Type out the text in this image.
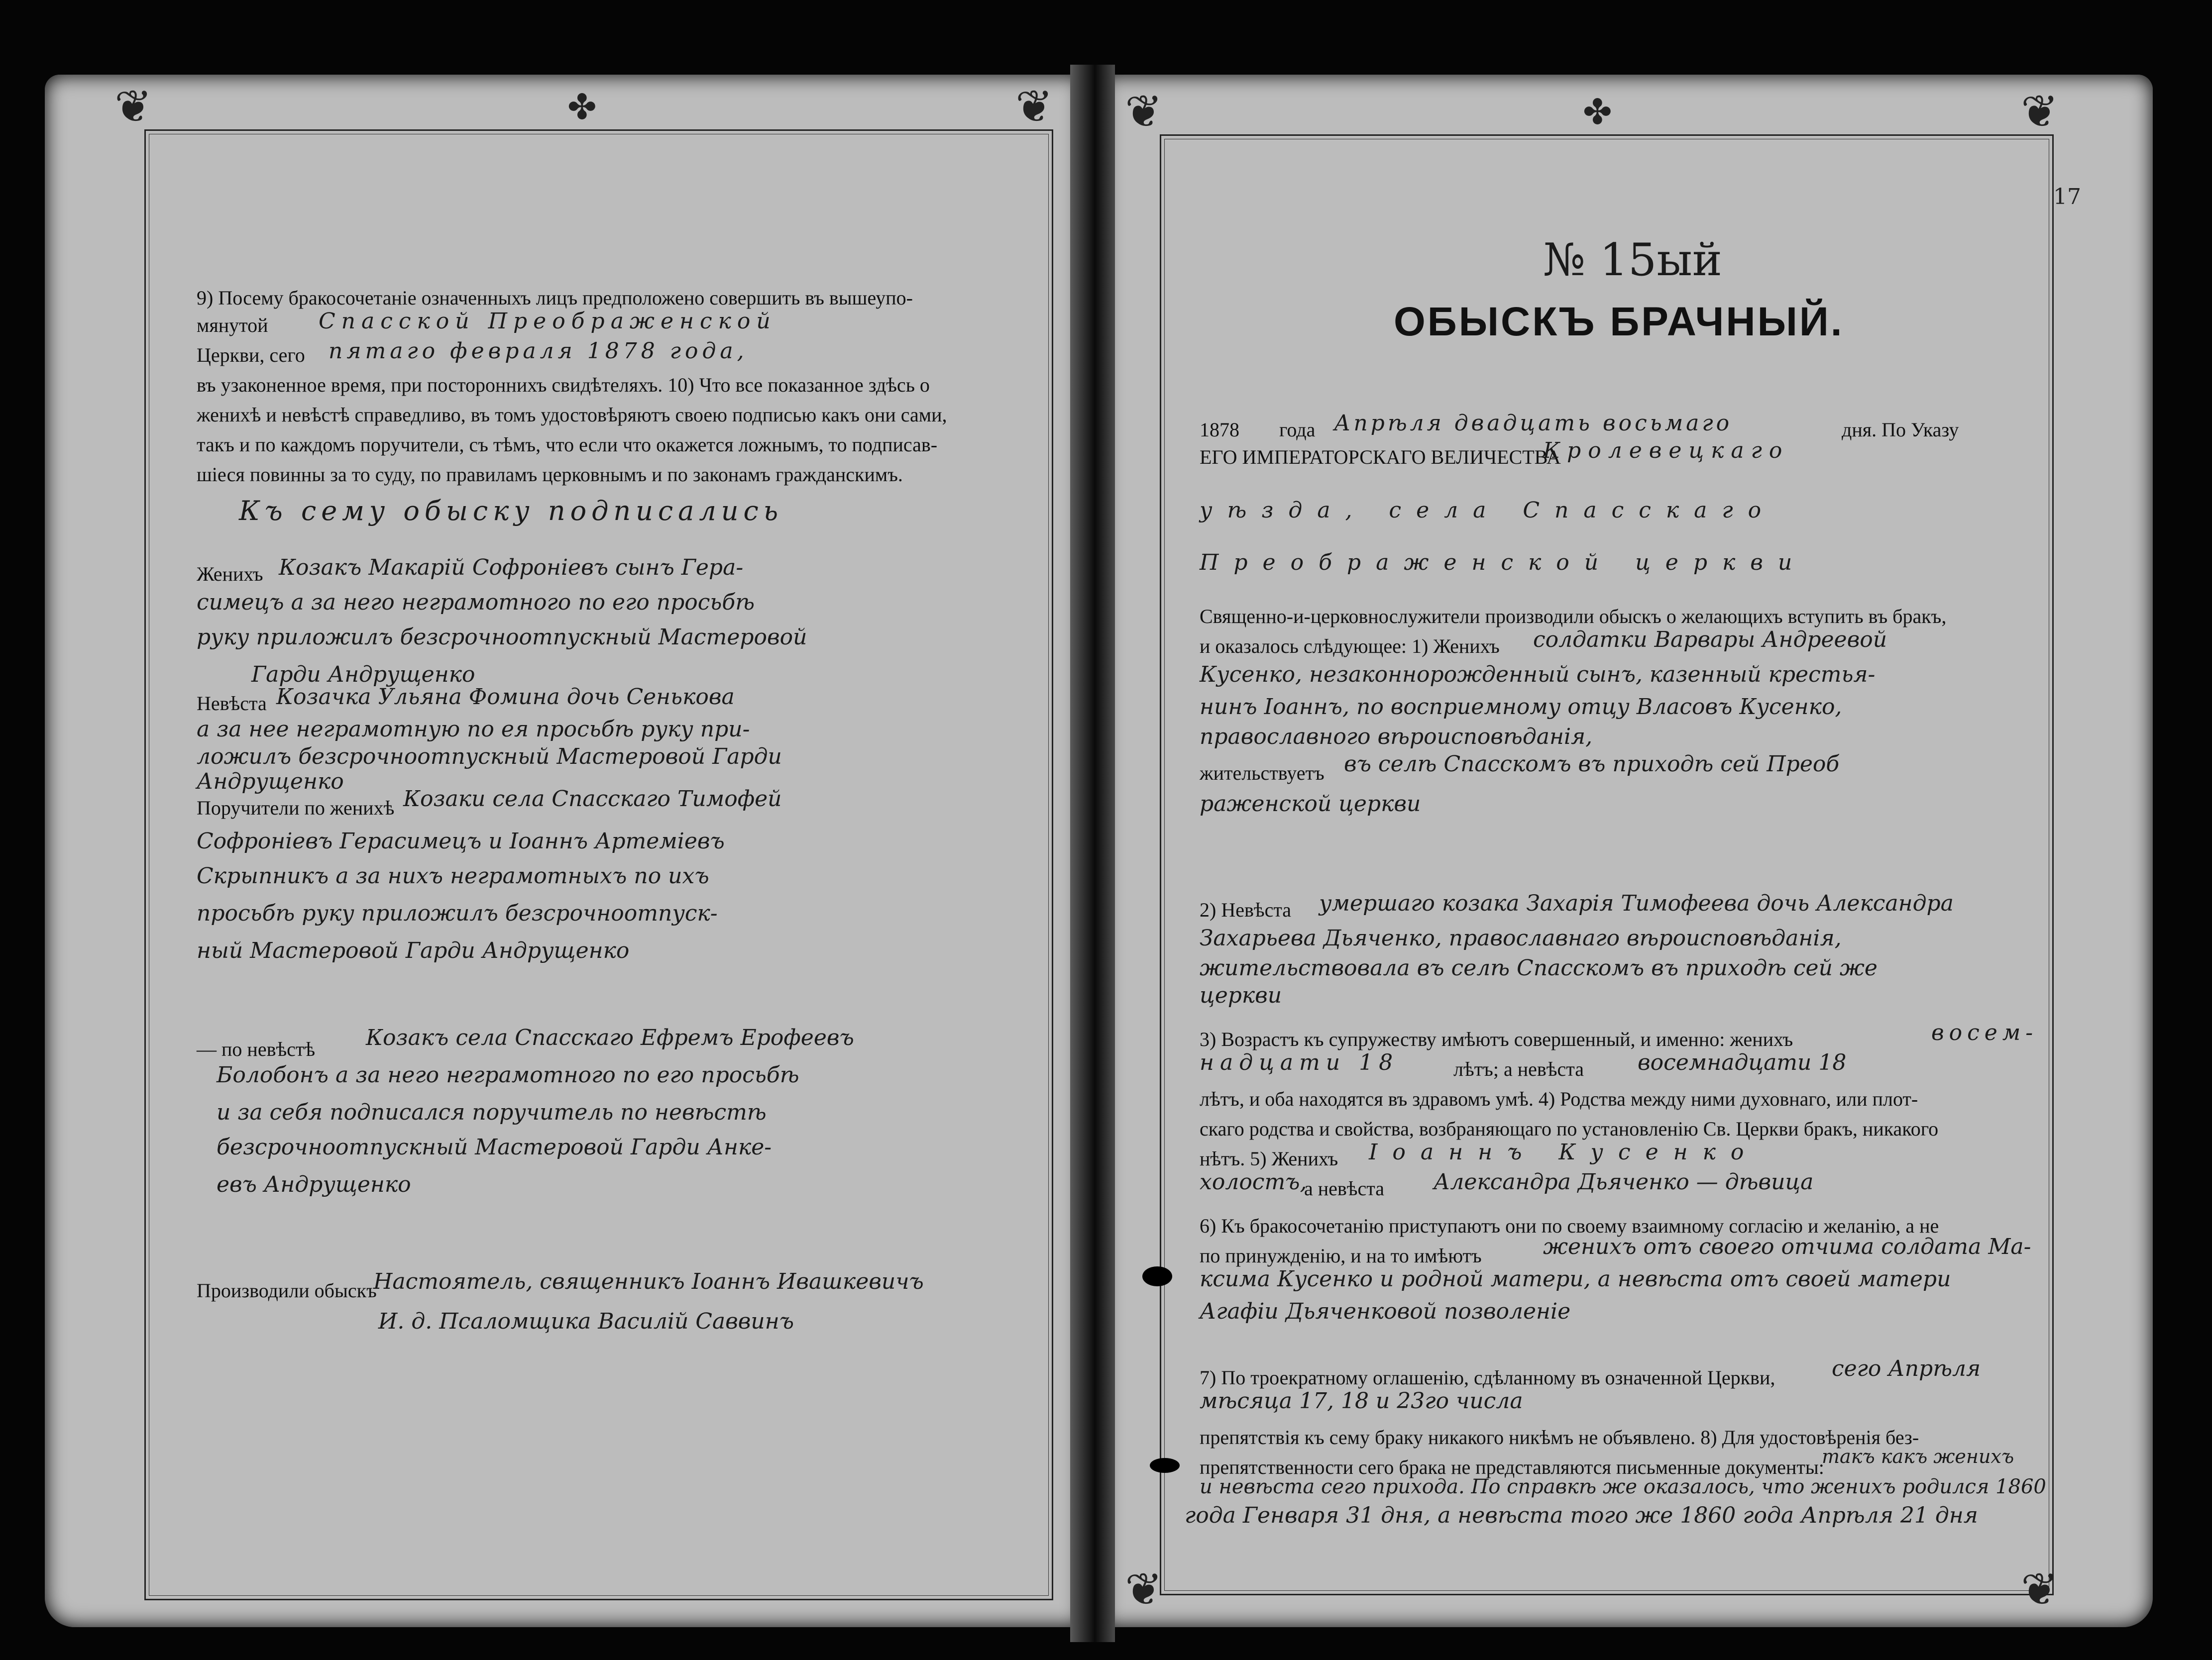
❦	❦
✤	❦	❦
✤
❦	❦
9) Посему бракосочетаніе означенныхъ лицъ предположено совершить въ вышеупо-
мянутой Спасской Преображенской
Церкви, сего пятаго февраля 1878 года,
въ узаконенное время, при постороннихъ свидѣтеляхъ. 10) Что все показанное здѣсь о
женихѣ и невѣстѣ справедливо, въ томъ удостовѣряютъ своею подписью какъ они сами,
такъ и по каждомъ поручители, съ тѣмъ, что если что окажется ложнымъ, то подписав-
шіеся повинны за то суду, по правиламъ церковнымъ и по законамъ гражданскимъ.
Къ сему обыску подписались
Женихъ Козакъ Макарій Софроніевъ сынъ Гера-
симецъ а за него неграмотного по его просьбѣ
руку приложилъ безсрочноотпускный Мастеровой
Гарди Андрущенко
Невѣста Козачка Ульяна Фомина дочь Сенькова
а за нее неграмотную по ея просьбѣ руку при-
ложилъ безсрочноотпускный Мастеровой Гарди
Андрущенко
Поручители по женихѣ Козаки села Спасскаго Тимофей
Софроніевъ Герасимецъ и Іоаннъ Артеміевъ
Скрыпникъ а за нихъ неграмотныхъ по ихъ
просьбѣ руку приложилъ безсрочноотпуск-
ный Мастеровой Гарди Андрущенко
— по невѣстѣ Козакъ села Спасскаго Ефремъ Ерофеевъ
Болобонъ а за него неграмотного по его просьбѣ
и за себя подписался поручитель по невѣстѣ
безсрочноотпускный Мастеровой Гарди Анке-
евъ Андрущенко
Производили обыскъ
Настоятель, священникъ Іоаннъ Ивашкевичъ
И. д. Псаломщика Василій Саввинъ
17
№ 15ый
ОБЫСКЪ БРАЧНЫЙ.
1878 года Апрѣля двадцать восьмаго	дня. По Указу
ЕГО ИМПЕРАТОРСКАГО ВЕЛИЧЕСТВА
Кролевецкаго
уѣзда, села Спасскаго
Преображенской церкви
Священно-и-церковнослужители производили обыскъ о желающихъ вступить въ бракъ,
и оказалось слѣдующее: 1) Женихъ солдатки Варвары Андреевой
Кусенко, незаконнорожденный сынъ, казенный крестья-
нинъ Іоаннъ, по восприемному отцу Власовъ Кусенко,
православного вѣроисповѣданія,
жительствуетъ въ селѣ Спасскомъ въ приходѣ сей Преоб
раженской церкви
2) Невѣста умершаго козака Захарія Тимофеева дочь Александра
Захарьева Дьяченко, православнаго вѣроисповѣданія,
жительствовала въ селѣ Спасскомъ въ приходѣ сей же
церкви
3) Возрастъ къ супружеству имѣютъ совершенный, и именно: женихъ	восем-
надцати 18	лѣтъ; а невѣста восемнадцати 18
лѣтъ, и оба находятся въ здравомъ умѣ. 4) Родства между ними духовнаго, или плот-
скаго родства и свойства, возбраняющаго по установленію Св. Церкви бракъ, никакого
нѣтъ. 5) Женихъ Іоаннъ Кусенко
холостъ,
а невѣста Александра Дьяченко — дѣвица
6) Къ бракосочетанію приступаютъ они по своему взаимному согласію и желанію, а не
по принужденію, и на то имѣютъ	женихъ отъ своего отчима солдата Ма-
ксима Кусенко и родной матери, а невѣста отъ своей матери
Агафіи Дьяченковой позволеніе
7) По троекратному оглашенію, сдѣланному въ означенной Церкви,	сего Апрѣля
мѣсяца 17, 18 и 23го числа
препятствія къ сему браку никакого никѣмъ не объявлено. 8) Для удостовѣренія без-
препятственности сего брака не представляются письменные документы:
такъ какъ женихъ
и невѣста сего прихода. По справкѣ же оказалось, что женихъ родился 1860
года Генваря 31 дня, а невѣста того же 1860 года Апрѣля 21 дня
